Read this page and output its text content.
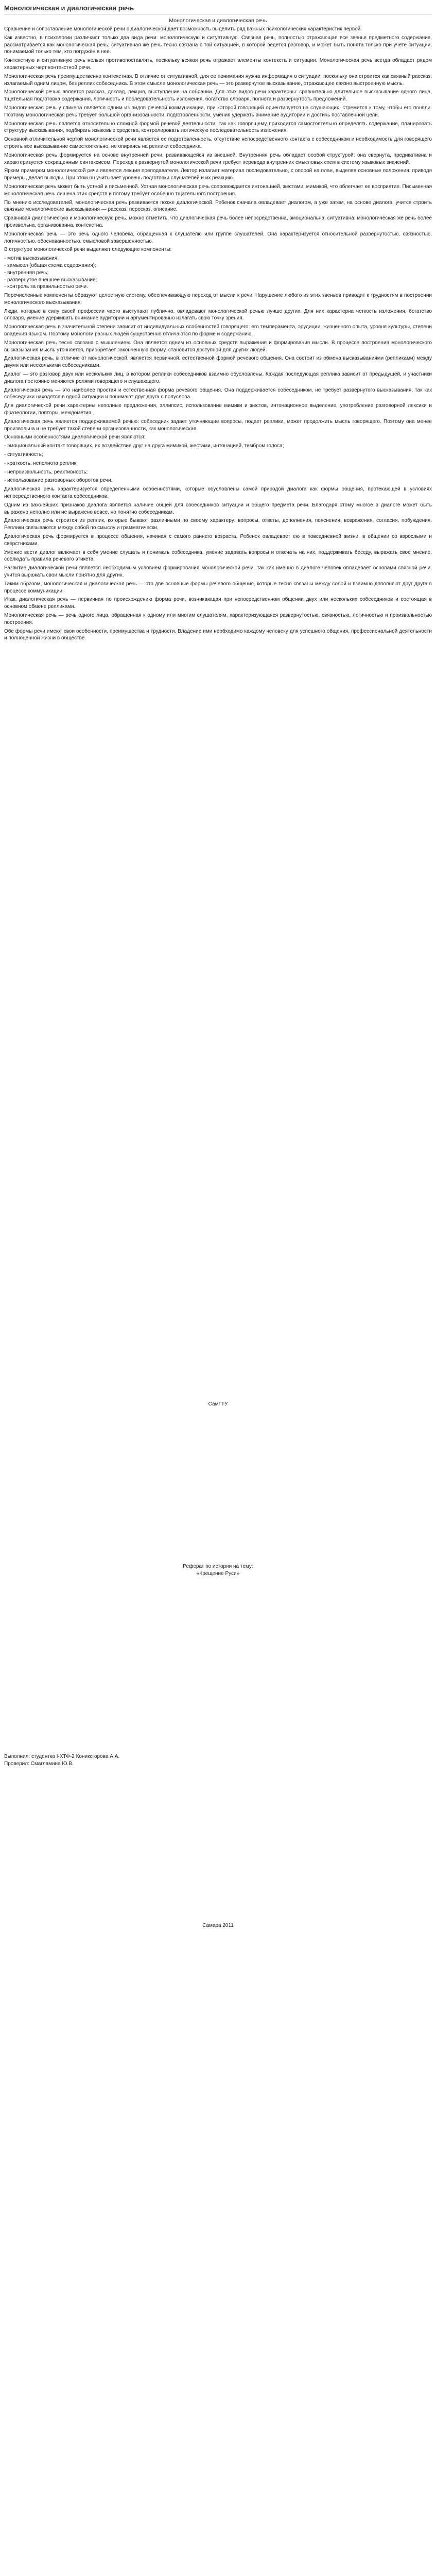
Монологическая и диалогическая речь
Монологическая и диалогическая речь
Сравнение и сопоставление монологической речи с диалогической дает возможность выделить ряд важных психологических характеристик первой.
Как известно, в психологии различают только два вида речи: монологическую и ситуативную. Связная речь, полностью отражающая все звенья предметного содержания, рассматривается как монологическая речь; ситуативная же речь тесно связана с той ситуацией, в которой ведется разговор, и может быть понята только при учете ситуации, понимаемой только тем, кто погружён в нее.
Контекстную и ситуативную речь нельзя противопоставлять, поскольку всякая речь отражает элементы контекста и ситуации. Монологическая речь всегда обладает рядом характерных черт контекстной речи.
Монологическая речь преимущественно контекстная. В отличие от ситуативной, для ее понимания нужна информация о ситуации, поскольку она строится как связный рассказ, излагаемый одним лицом, без реплик собеседника. В этом смысле монологическая речь — это развернутое высказывание, отражающее связно выстроенную мысль.
Монологической речью является рассказ, доклад, лекция, выступление на собрании. Для этих видов речи характерны: сравнительно длительное высказывание одного лица, тщательная подготовка содержания, логичность и последовательность изложения, богатство словаря, полнота и развернутость предложений.
Монологическая речь у спикера является одним из видов речевой коммуникации, при которой говорящий ориентируется на слушающих, стремится к тому, чтобы его поняли. Поэтому монологическая речь требует большой организованности, подготовленности, умения удержать внимание аудитории и достичь поставленной цели.
Монологическая речь является относительно сложной формой речевой деятельности, так как говорящему приходится самостоятельно определять содержание, планировать структуру высказывания, подбирать языковые средства, контролировать логическую последовательность изложения.
Основной отличительной чертой монологической речи является ее подготовленность, отсутствие непосредственного контакта с собеседником и необходимость для говорящего строить все высказывание самостоятельно, не опираясь на реплики собеседника.
Монологическая речь формируется на основе внутренней речи, развивающейся из внешней. Внутренняя речь обладает особой структурой: она свернута, предикативна и характеризуется сокращенным синтаксисом. Переход к развернутой монологической речи требует перевода внутренних смысловых схем в систему языковых значений.
Ярким примером монологической речи является лекция преподавателя. Лектор излагает материал последовательно, с опорой на план, выделяя основные положения, приводя примеры, делая выводы. При этом он учитывает уровень подготовки слушателей и их реакцию.
Монологическая речь может быть устной и письменной. Устная монологическая речь сопровождается интонацией, жестами, мимикой, что облегчает ее восприятие. Письменная монологическая речь лишена этих средств и потому требует особенно тщательного построения.
По мнению исследователей, монологическая речь развивается позже диалогической. Ребенок сначала овладевает диалогом, а уже затем, на основе диалога, учится строить связные монологические высказывания — рассказ, пересказ, описание.
Сравнивая диалогическую и монологическую речь, можно отметить, что диалогическая речь более непосредственна, эмоциональна, ситуативна; монологическая же речь более произвольна, организованна, контекстна.
Монологическая речь — это речь одного человека, обращенная к слушателю или группе слушателей. Она характеризуется относительной развернутостью, связностью, логичностью, обоснованностью, смысловой завершенностью.
В структуре монологической речи выделяют следующие компоненты:
- мотив высказывания;
- замысел (общая схема содержания);
- внутренняя речь;
- развернутое внешнее высказывание;
- контроль за правильностью речи.
Перечисленные компоненты образуют целостную систему, обеспечивающую переход от мысли к речи. Нарушение любого из этих звеньев приводит к трудностям в построении монологического высказывания.
Люди, которые в силу своей профессии часто выступают публично, овладевают монологической речью лучше других. Для них характерна четкость изложения, богатство словаря, умение удерживать внимание аудитории и аргументированно излагать свою точку зрения.
Монологическая речь в значительной степени зависит от индивидуальных особенностей говорящего: его темперамента, эрудиции, жизненного опыта, уровня культуры, степени владения языком. Поэтому монологи разных людей существенно отличаются по форме и содержанию.
Монологическая речь тесно связана с мышлением. Она является одним из основных средств выражения и формирования мысли. В процессе построения монологического высказывания мысль уточняется, приобретает законченную форму, становится доступной для других людей.
Диалогическая речь, в отличие от монологической, является первичной, естественной формой речевого общения. Она состоит из обмена высказываниями (репликами) между двумя или несколькими собеседниками.
Диалог — это разговор двух или нескольких лиц, в котором реплики собеседников взаимно обусловлены. Каждая последующая реплика зависит от предыдущей, и участники диалога постоянно меняются ролями говорящего и слушающего.
Диалогическая речь — это наиболее простая и естественная форма речевого общения. Она поддерживается собеседником, не требует развернутого высказывания, так как собеседники находятся в одной ситуации и понимают друг друга с полуслова.
Для диалогической речи характерны неполные предложения, эллипсис, использование мимики и жестов, интонационное выделение, употребление разговорной лексики и фразеологии, повторы, междометия.
Диалогическая речь является поддерживаемой речью: собеседник задает уточняющие вопросы, подает реплики, может продолжить мысль говорящего. Поэтому она менее произвольна и не требует такой степени организованности, как монологическая.
Основными особенностями диалогической речи являются:
- эмоциональный контакт говорящих, их воздействие друг на друга мимикой, жестами, интонацией, тембром голоса;
- ситуативность;
- краткость, неполнота реплик;
- непроизвольность, реактивность;
- использование разговорных оборотов речи.
Диалогическая речь характеризуется определенными особенностями, которые обусловлены самой природой диалога как формы общения, протекающей в условиях непосредственного контакта собеседников.
Одним из важнейших признаков диалога является наличие общей для собеседников ситуации и общего предмета речи. Благодаря этому многое в диалоге может быть выражено неполно или не выражено вовсе, но понятно собеседникам.
Диалогическая речь строится из реплик, которые бывают различными по своему характеру: вопросы, ответы, дополнения, пояснения, возражения, согласия, побуждения. Реплики связываются между собой по смыслу и грамматически.
Диалогическая речь формируется в процессе общения, начиная с самого раннего возраста. Ребенок овладевает ею в повседневной жизни, в общении со взрослыми и сверстниками.
Умение вести диалог включает в себя умение слушать и понимать собеседника, умение задавать вопросы и отвечать на них, поддерживать беседу, выражать свое мнение, соблюдать правила речевого этикета.
Развитие диалогической речи является необходимым условием формирования монологической речи, так как именно в диалоге человек овладевает основами связной речи, учится выражать свои мысли понятно для других.
Таким образом, монологическая и диалогическая речь — это две основные формы речевого общения, которые тесно связаны между собой и взаимно дополняют друг друга в процессе коммуникации.
Итак, диалогическая речь — первичная по происхождению форма речи, возникающая при непосредственном общении двух или нескольких собеседников и состоящая в основном обмене репликами.
Монологическая речь — речь одного лица, обращенная к одному или многим слушателям, характеризующаяся развернутостью, связностью, логичностью и произвольностью построения.
Обе формы речи имеют свои особенности, преимущества и трудности. Владение ими необходимо каждому человеку для успешного общения, профессиональной деятельности и полноценной жизни в обществе.
СамГТУ
Реферат по истории на тему:
«Крещение Руси»
Выполнил: студентка I-ХТФ-2 Кониксгорова А.А.
Проверил: Смагламина Ю.В.
Самара 2011
